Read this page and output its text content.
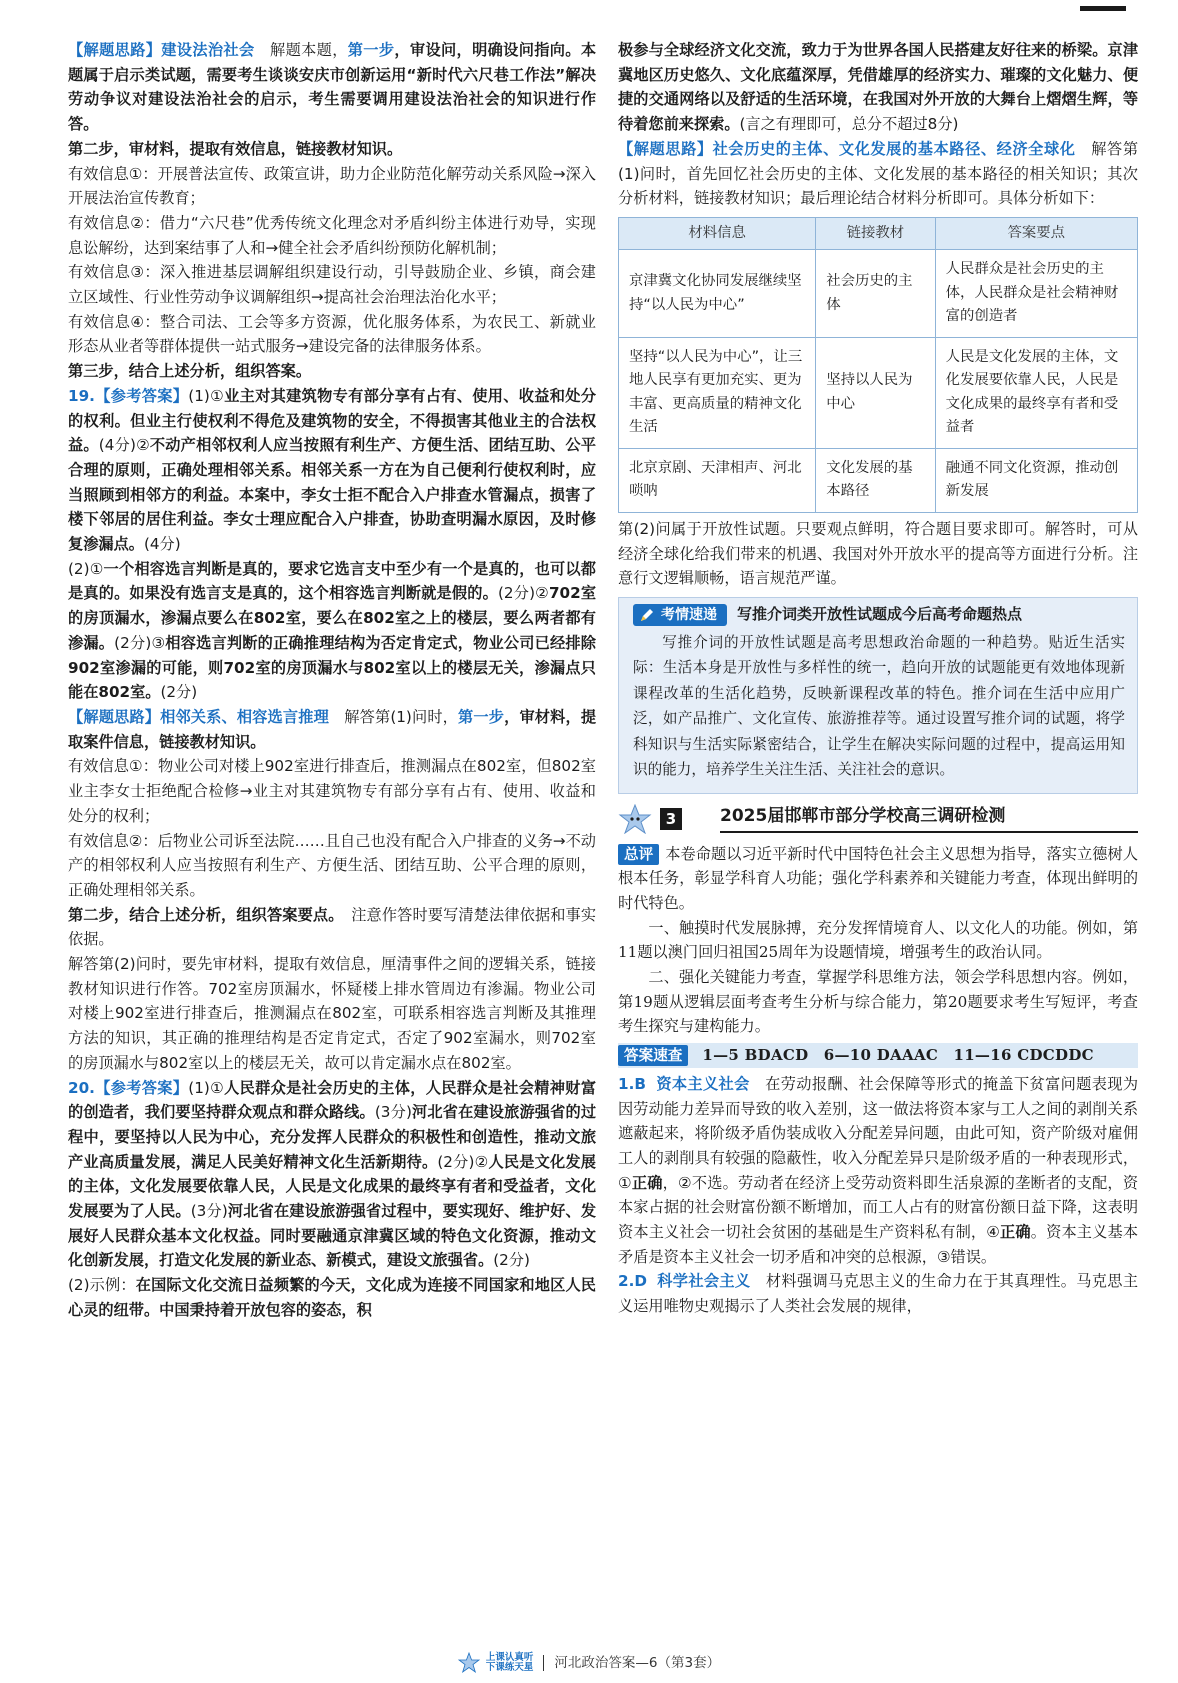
【解题思路】建设法治社会　解题本题，第一步，审设问，明确设问指向。本题属于启示类试题，需要考生谈谈安庆市创新运用“新时代六尺巷工作法”解决劳动争议对建设法治社会的启示，考生需要调用建设法治社会的知识进行作答。

第二步，审材料，提取有效信息，链接教材知识。

有效信息①：开展普法宣传、政策宣讲，助力企业防范化解劳动关系风险→深入开展法治宣传教育；

有效信息②：借力“六尺巷”优秀传统文化理念对矛盾纠纷主体进行劝导，实现息讼解纷，达到案结事了人和→健全社会矛盾纠纷预防化解机制；

有效信息③：深入推进基层调解组织建设行动，引导鼓励企业、乡镇，商会建立区域性、行业性劳动争议调解组织→提高社会治理法治化水平；

有效信息④：整合司法、工会等多方资源，优化服务体系，为农民工、新就业形态从业者等群体提供一站式服务→建设完备的法律服务体系。

第三步，结合上述分析，组织答案。

19.【参考答案】(1)①业主对其建筑物专有部分享有占有、使用、收益和处分的权利。但业主行使权利不得危及建筑物的安全，不得损害其他业主的合法权益。(4分)②不动产相邻权利人应当按照有利生产、方便生活、团结互助、公平合理的原则，正确处理相邻关系。相邻关系一方在为自己便利行使权利时，应当照顾到相邻方的利益。本案中，李女士拒不配合入户排查水管漏点，损害了楼下邻居的居住利益。李女士理应配合入户排查，协助查明漏水原因，及时修复渗漏点。(4分)

(2)①一个相容选言判断是真的，要求它选言支中至少有一个是真的，也可以都是真的。如果没有选言支是真的，这个相容选言判断就是假的。(2分)②702室的房顶漏水，渗漏点要么在802室，要么在802室之上的楼层，要么两者都有渗漏。(2分)③相容选言判断的正确推理结构为否定肯定式，物业公司已经排除902室渗漏的可能，则702室的房顶漏水与802室以上的楼层无关，渗漏点只能在802室。(2分)

【解题思路】相邻关系、相容选言推理　解答第(1)问时，第一步，审材料，提取案件信息，链接教材知识。

有效信息①：物业公司对楼上902室进行排查后，推测漏点在802室，但802室业主李女士拒绝配合检修→业主对其建筑物专有部分享有占有、使用、收益和处分的权利；

有效信息②：后物业公司诉至法院……且自己也没有配合入户排查的义务→不动产的相邻权利人应当按照有利生产、方便生活、团结互助、公平合理的原则，正确处理相邻关系。

第二步，结合上述分析，组织答案要点。　注意作答时要写清楚法律依据和事实依据。

解答第(2)问时，要先审材料，提取有效信息，厘清事件之间的逻辑关系，链接教材知识进行作答。702室房顶漏水，怀疑楼上排水管周边有渗漏。物业公司对楼上902室进行排查后，推测漏点在802室，可联系相容选言判断及其推理方法的知识，其正确的推理结构是否定肯定式，否定了902室漏水，则702室的房顶漏水与802室以上的楼层无关，故可以肯定漏水点在802室。

20.【参考答案】(1)①人民群众是社会历史的主体，人民群众是社会精神财富的创造者，我们要坚持群众观点和群众路线。(3分)河北省在建设旅游强省的过程中，要坚持以人民为中心，充分发挥人民群众的积极性和创造性，推动文旅产业高质量发展，满足人民美好精神文化生活新期待。(2分)②人民是文化发展的主体，文化发展要依靠人民，人民是文化成果的最终享有者和受益者，文化发展要为了人民。(3分)河北省在建设旅游强省过程中，要实现好、维护好、发展好人民群众基本文化权益。同时要融通京津冀区域的特色文化资源，推动文化创新发展，打造文化发展的新业态、新模式，建设文旅强省。(2分)

(2)示例：在国际文化交流日益频繁的今天，文化成为连接不同国家和地区人民心灵的纽带。中国秉持着开放包容的姿态，积

极参与全球经济文化交流，致力于为世界各国人民搭建友好往来的桥梁。京津冀地区历史悠久、文化底蕴深厚，凭借雄厚的经济实力、璀璨的文化魅力、便捷的交通网络以及舒适的生活环境，在我国对外开放的大舞台上熠熠生辉，等待着您前来探索。(言之有理即可，总分不超过8分)

【解题思路】社会历史的主体、文化发展的基本路径、经济全球化　解答第(1)问时，首先回忆社会历史的主体、文化发展的基本路径的相关知识；其次分析材料，链接教材知识；最后理论结合材料分析即可。具体分析如下：

材料信息	链接教材	答案要点
京津冀文化协同发展继续坚持“以人民为中心”	社会历史的主体	人民群众是社会历史的主体，人民群众是社会精神财富的创造者
坚持“以人民为中心”，让三地人民享有更加充实、更为丰富、更高质量的精神文化生活	坚持以人民为中心	人民是文化发展的主体，文化发展要依靠人民，人民是文化成果的最终享有者和受益者
北京京剧、天津相声、河北唢呐	文化发展的基本路径	融通不同文化资源，推动创新发展

第(2)问属于开放性试题。只要观点鲜明，符合题目要求即可。解答时，可从经济全球化给我们带来的机遇、我国对外开放水平的提高等方面进行分析。注意行文逻辑顺畅，语言规范严谨。

考情速递	写推介词类开放性试题成今后高考命题热点

写推介词的开放性试题是高考思想政治命题的一种趋势。贴近生活实际：生活本身是开放性与多样性的统一，趋向开放的试题能更有效地体现新课程改革的生活化趋势，反映新课程改革的特色。推介词在生活中应用广泛，如产品推广、文化宣传、旅游推荐等。通过设置写推介词的试题，将学科知识与生活实际紧密结合，让学生在解决实际问题的过程中，提高运用知识的能力，培养学生关注生活、关注社会的意识。

3	2025届邯郸市部分学校高三调研检测

总评 本卷命题以习近平新时代中国特色社会主义思想为指导，落实立德树人根本任务，彰显学科育人功能；强化学科素养和关键能力考查，体现出鲜明的时代特色。

一、触摸时代发展脉搏，充分发挥情境育人、以文化人的功能。例如，第11题以澳门回归祖国25周年为设题情境，增强考生的政治认同。

二、强化关键能力考查，掌握学科思维方法，领会学科思想内容。例如，第19题从逻辑层面考查考生分析与综合能力，第20题要求考生写短评，考查考生探究与建构能力。

答案速查	1—5 BDACD　6—10 DAAAC　11—16 CDCDDC

1.B 资本主义社会　在劳动报酬、社会保障等形式的掩盖下贫富问题表现为因劳动能力差异而导致的收入差别，这一做法将资本家与工人之间的剥削关系遮蔽起来，将阶级矛盾伪装成收入分配差异问题，由此可知，资产阶级对雇佣工人的剥削具有较强的隐蔽性，收入分配差异只是阶级矛盾的一种表现形式，①正确，②不选。劳动者在经济上受劳动资料即生活泉源的垄断者的支配，资本家占据的社会财富份额不断增加，而工人占有的财富份额日益下降，这表明资本主义社会一切社会贫困的基础是生产资料私有制，④正确。资本主义基本矛盾是资本主义社会一切矛盾和冲突的总根源，③错误。

2.D 科学社会主义　材料强调马克思主义的生命力在于其真理性。马克思主义运用唯物史观揭示了人类社会发展的规律，

上课认真听
下课练天星 河北政治答案—6（第3套）
